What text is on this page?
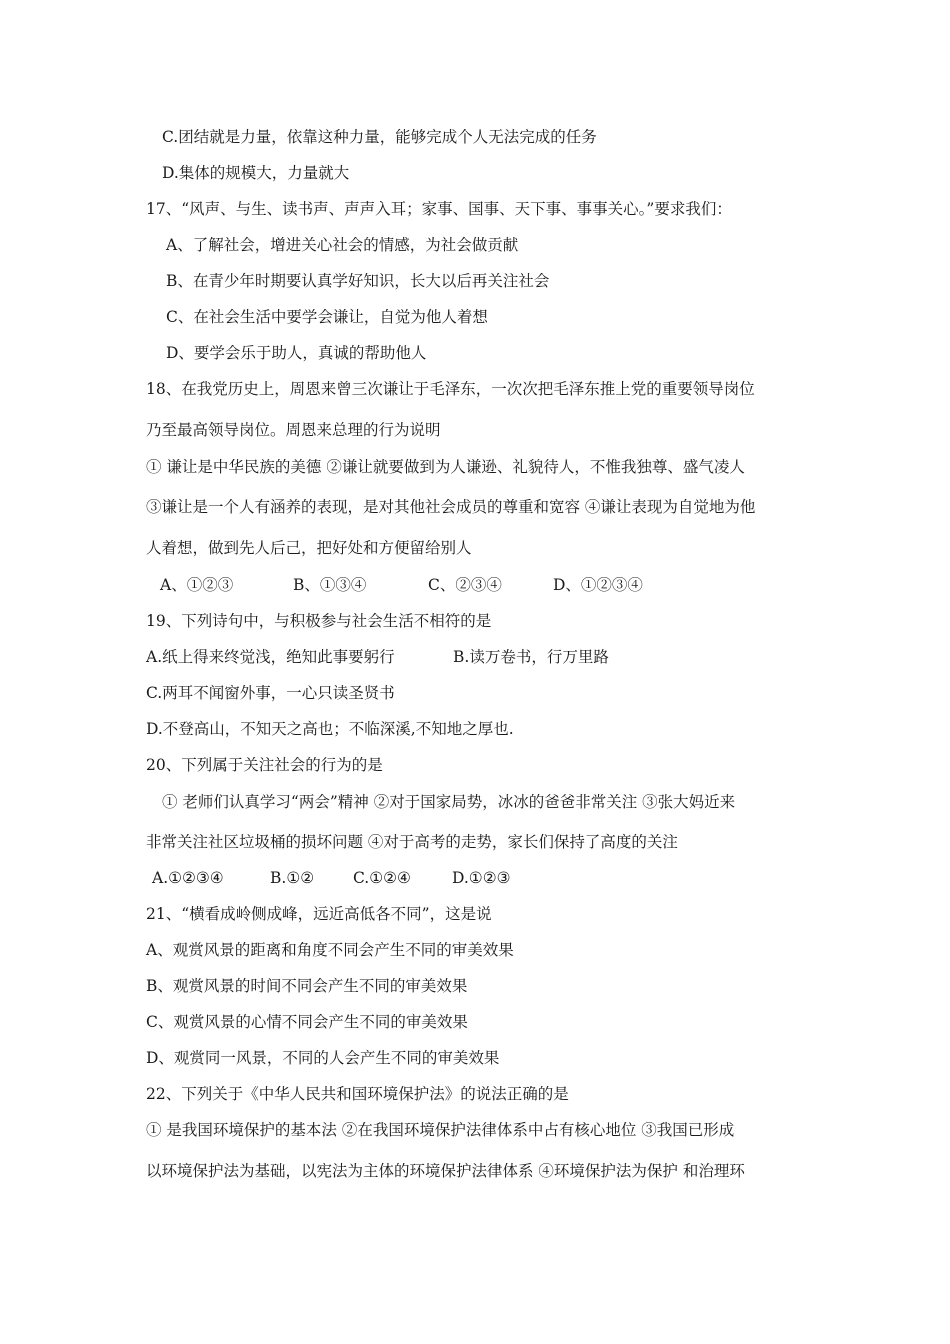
C.团结就是力量，依靠这种力量，能够完成个人无法完成的任务
D.集体的规模大，力量就大
17、“风声、与生、读书声、声声入耳；家事、国事、天下事、事事关心。”要求我们：
A、了解社会，增进关心社会的情感，为社会做贡献
B、在青少年时期要认真学好知识，长大以后再关注社会
C、在社会生活中要学会谦让，自觉为他人着想
D、要学会乐于助人，真诚的帮助他人
18、在我党历史上，周恩来曾三次谦让于毛泽东，一次次把毛泽东推上党的重要领导岗位
乃至最高领导岗位。周恩来总理的行为说明
① 谦让是中华民族的美德 ②谦让就要做到为人谦逊、礼貌待人，不惟我独尊、盛气凌人
③谦让是一个人有涵养的表现，是对其他社会成员的尊重和宽容 ④谦让表现为自觉地为他
人着想，做到先人后己，把好处和方便留给别人
A、①②③	B、①③④	C、②③④	D、①②③④
19、下列诗句中，与积极参与社会生活不相符的是
A.纸上得来终觉浅，绝知此事要躬行	B.读万卷书，行万里路
C.两耳不闻窗外事，一心只读圣贤书
D.不登高山，不知天之高也；不临深溪,不知地之厚也.
20、下列属于关注社会的行为的是
① 老师们认真学习“两会”精神 ②对于国家局势，冰冰的爸爸非常关注 ③张大妈近来
非常关注社区垃圾桶的损坏问题 ④对于高考的走势，家长们保持了高度的关注
A.①②③④	B.①②	C.①②④	D.①②③
21、“横看成岭侧成峰，远近高低各不同”，这是说
A、观赏风景的距离和角度不同会产生不同的审美效果
B、观赏风景的时间不同会产生不同的审美效果
C、观赏风景的心情不同会产生不同的审美效果
D、观赏同一风景，不同的人会产生不同的审美效果
22、下列关于《中华人民共和国环境保护法》的说法正确的是
① 是我国环境保护的基本法 ②在我国环境保护法律体系中占有核心地位 ③我国已形成
以环境保护法为基础，以宪法为主体的环境保护法律体系 ④环境保护法为保护 和治理环
